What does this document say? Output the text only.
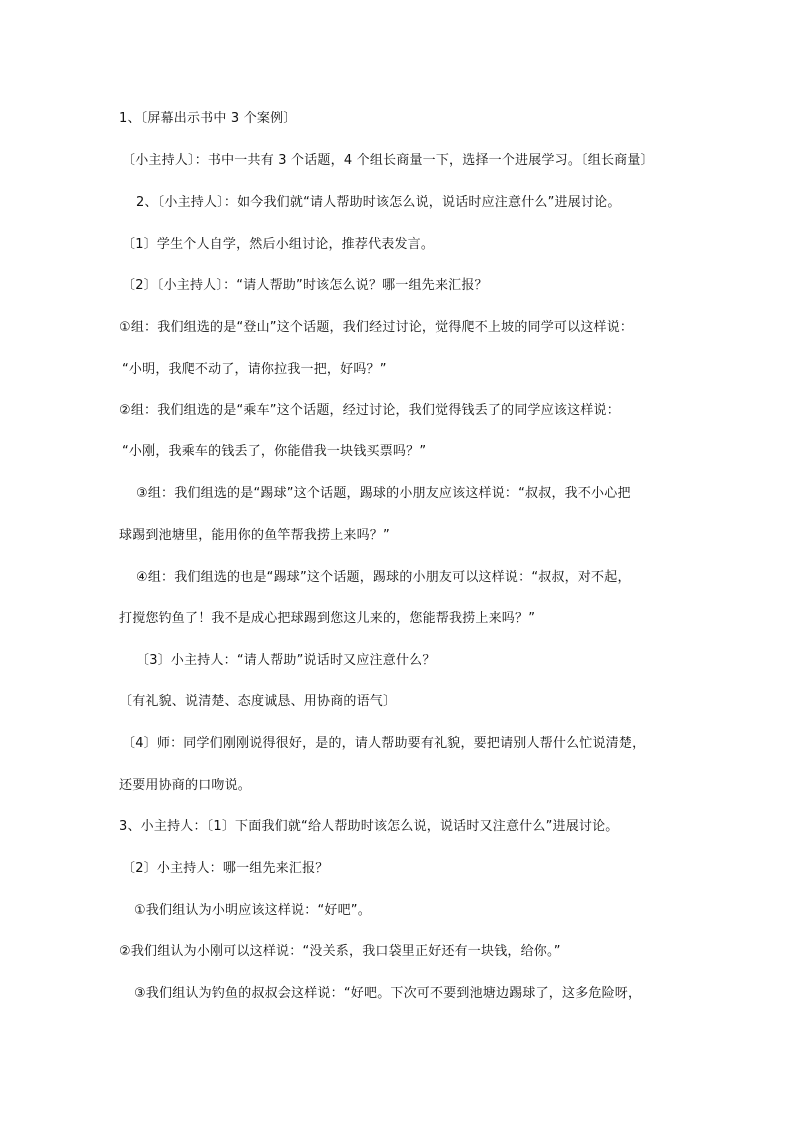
1、〔屏幕出示书中 3 个案例〕
〔小主持人〕：书中一共有 3 个话题，4 个组长商量一下，选择一个进展学习。〔组长商量〕
2、〔小主持人〕：如今我们就“请人帮助时该怎么说，说话时应注意什么”进展讨论。
〔1〕学生个人自学，然后小组讨论，推荐代表发言。
〔2〕〔小主持人〕：“请人帮助”时该怎么说？哪一组先来汇报？
①组：我们组选的是“登山”这个话题，我们经过讨论，觉得爬不上坡的同学可以这样说：
“小明，我爬不动了，请你拉我一把，好吗？”
②组：我们组选的是“乘车”这个话题，经过讨论，我们觉得钱丢了的同学应该这样说：
“小刚，我乘车的钱丢了，你能借我一块钱买票吗？”
③组：我们组选的是“踢球”这个话题，踢球的小朋友应该这样说：“叔叔，我不小心把
球踢到池塘里，能用你的鱼竿帮我捞上来吗？”
④组：我们组选的也是“踢球”这个话题，踢球的小朋友可以这样说：“叔叔，对不起，
打搅您钓鱼了！我不是成心把球踢到您这儿来的，您能帮我捞上来吗？”
〔3〕小主持人：“请人帮助”说话时又应注意什么？
〔有礼貌、说清楚、态度诚恳、用协商的语气〕
〔4〕师：同学们刚刚说得很好，是的，请人帮助要有礼貌，要把请别人帮什么忙说清楚，
还要用协商的口吻说。
3、小主持人：〔1〕下面我们就“给人帮助时该怎么说，说话时又注意什么”进展讨论。
〔2〕小主持人：哪一组先来汇报？
①我们组认为小明应该这样说：“好吧”。
②我们组认为小刚可以这样说：“没关系，我口袋里正好还有一块钱，给你。”
③我们组认为钓鱼的叔叔会这样说：“好吧。下次可不要到池塘边踢球了，这多危险呀，
